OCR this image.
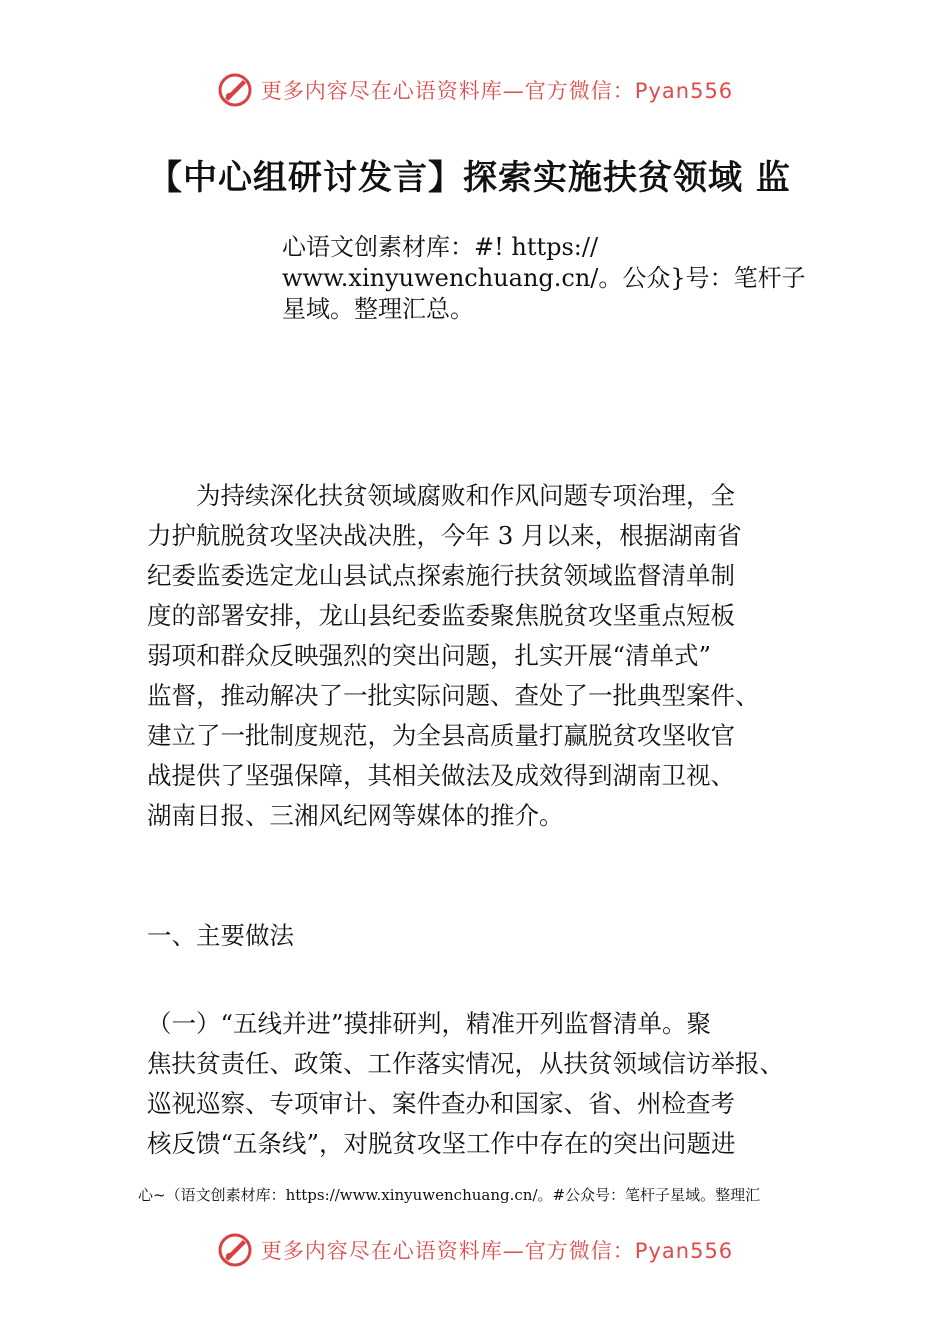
更多内容尽在心语资料库—官方微信：Pyan556
【中心组研讨发言】探索实施扶贫领域 监
心语文创素材库：#! https://
www.xinyuwenchuang.cn/。公众}号：笔杆子
星域。整理汇总。
　　为持续深化扶贫领域腐败和作风问题专项治理，全
力护航脱贫攻坚决战决胜，今年 3 月以来，根据湖南省
纪委监委选定龙山县试点探索施行扶贫领域监督清单制
度的部署安排，龙山县纪委监委聚焦脱贫攻坚重点短板
弱项和群众反映强烈的突出问题，扎实开展“清单式”
监督，推动解决了一批实际问题、查处了一批典型案件、
建立了一批制度规范，为全县高质量打赢脱贫攻坚收官
战提供了坚强保障，其相关做法及成效得到湖南卫视、
湖南日报、三湘风纪网等媒体的推介。
一、主要做法
（一）“五线并进”摸排研判，精准开列监督清单。聚
焦扶贫责任、政策、工作落实情况，从扶贫领域信访举报、
巡视巡察、专项审计、案件查办和国家、省、州检查考
核反馈“五条线”，对脱贫攻坚工作中存在的突出问题进
心~（语文创素材库：https://www.xinyuwenchuang.cn/。#公众号：笔杆子星域。整理汇
更多内容尽在心语资料库—官方微信：Pyan556
